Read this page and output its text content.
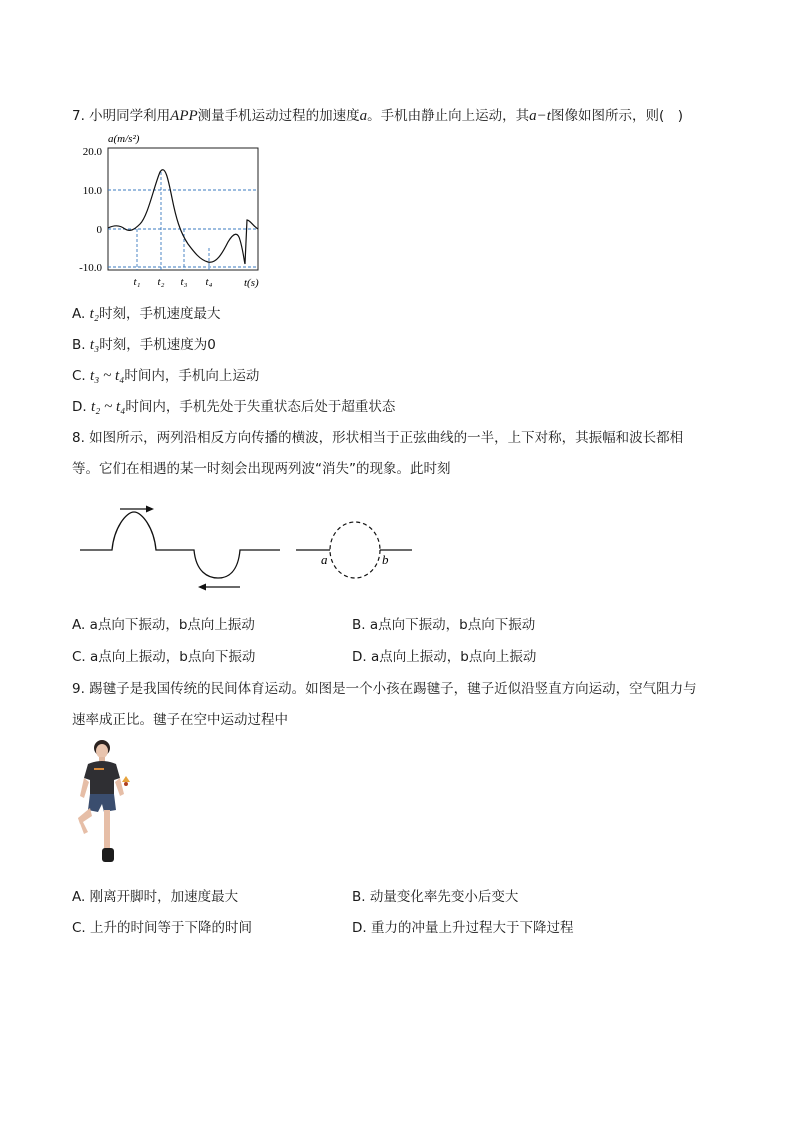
7. 小明同学利用APP测量手机运动过程的加速度a。手机由静止向上运动，其a−t图像如图所示，则(　)
a(m/s²)
20.0
10.0
0
-10.0
t₁ t₂ t₃ t₄	t(s)
A. t₂时刻，手机速度最大
B. t₃时刻，手机速度为0
C. t₃ ~ t₄时间内，手机向上运动
D. t₂ ~ t₄时间内，手机先处于失重状态后处于超重状态
8. 如图所示，两列沿相反方向传播的横波，形状相当于正弦曲线的一半，上下对称，其振幅和波长都相
等。它们在相遇的某一时刻会出现两列波“消失”的现象。此时刻
a	b
A. a点向下振动，b点向上振动	B. a点向下振动，b点向下振动
C. a点向上振动，b点向下振动	D. a点向上振动，b点向上振动
9. 踢毽子是我国传统的民间体育运动。如图是一个小孩在踢毽子，毽子近似沿竖直方向运动，空气阻力与
速率成正比。毽子在空中运动过程中
A. 刚离开脚时，加速度最大	B. 动量变化率先变小后变大
C. 上升的时间等于下降的时间	D. 重力的冲量上升过程大于下降过程
